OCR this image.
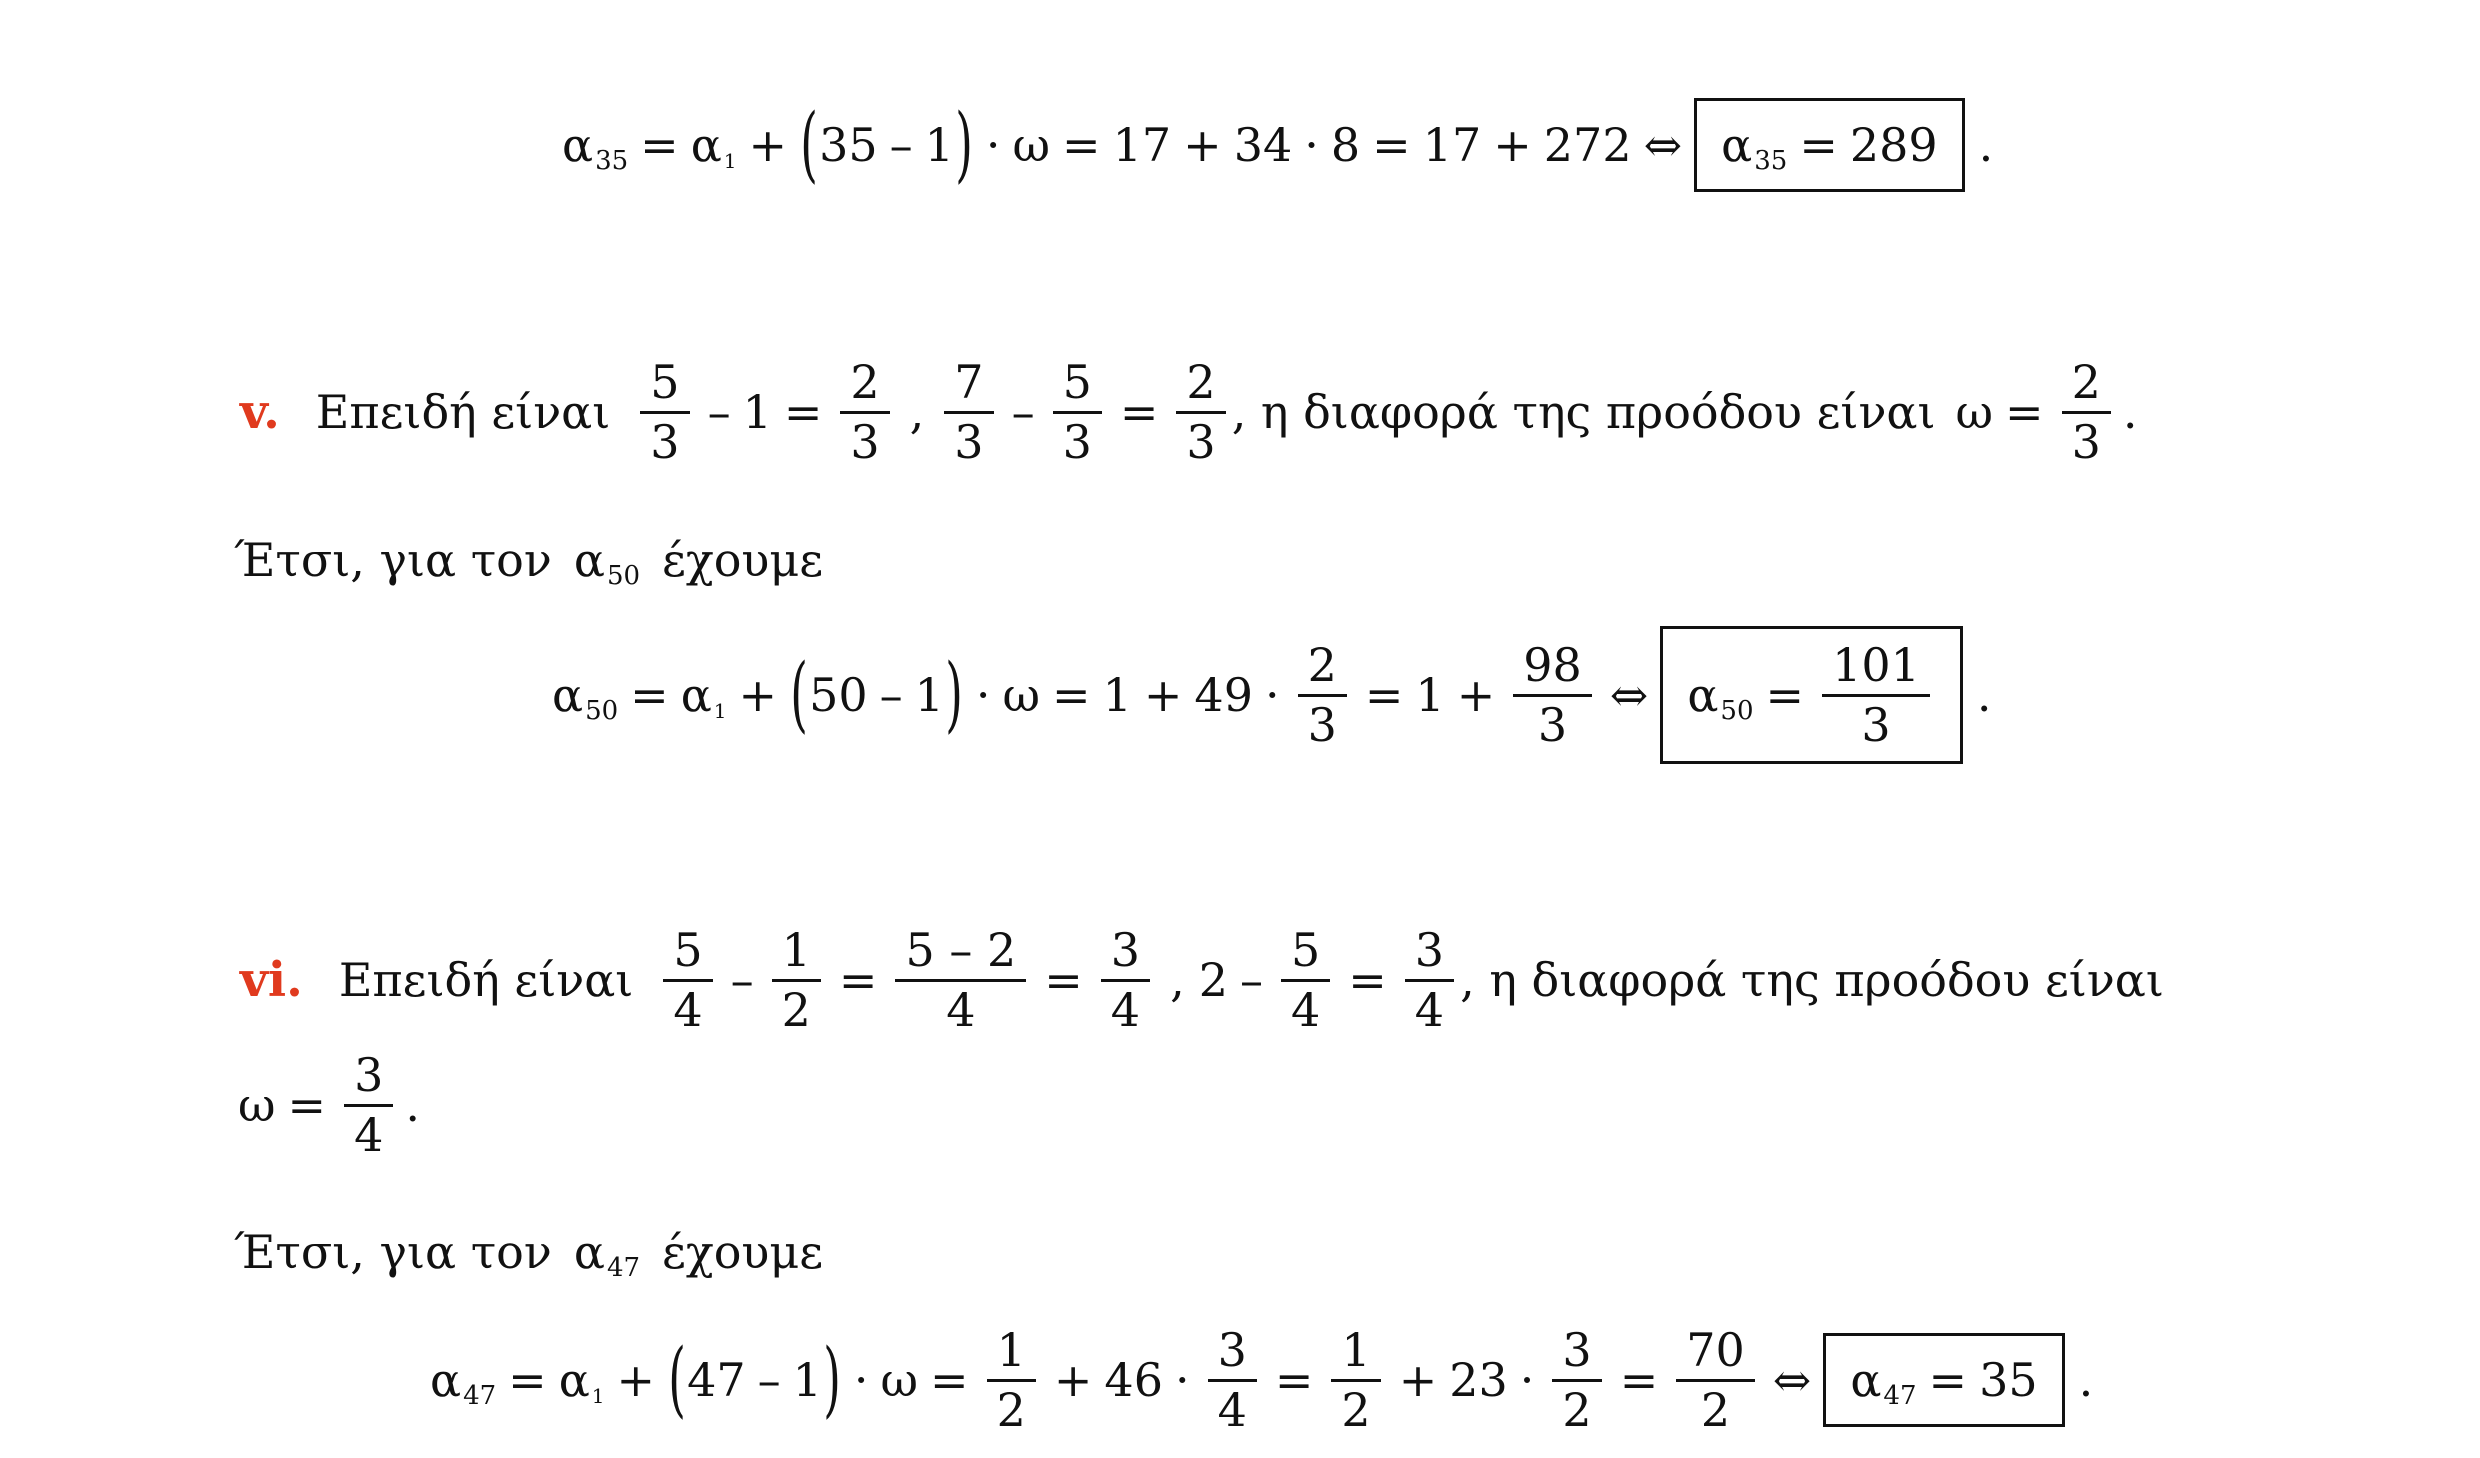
α 35 = α 1 + ( 35 – 1 ) · ω = 17 + 34 · 8 = 17 + 272 ⇔ α 35 = 289 .
v. Επειδή είναι $\frac{5}{3} - 1 = \frac{2}{3}$ , $\frac{7}{3} - \frac{5}{3} = \frac{2}{3}$ , η διαφορά της προόδου είναι $\omega = \frac{2}{3}$ .
Έτσι, για τον α 50 έχουμε
α 50 = α 1 + ( 50 – 1 ) · $\omega = 1 + 49 \cdot \frac{2}{3} = 1 + \frac{98}{3}$ ⇔ α $50 = \frac{101}{3}$ .
vi. Επειδή είναι $\frac{5}{4} - \frac{1}{2} = \frac{5 - 2}{4} = \frac{3}{4}$ , $2 - \frac{5}{4} = \frac{3}{4}$ , η διαφορά της προόδου είναι
$\omega = \frac{3}{4}$ .
Έτσι, για τον α 47 έχουμε
α 47 = α 1 + ( 47 – 1 ) · $\omega = \frac{1}{2} + 46 \cdot \frac{3}{4} = \frac{1}{2} + 23 \cdot \frac{3}{2} = \frac{70}{2}$ ⇔ α 47 = 35 .
